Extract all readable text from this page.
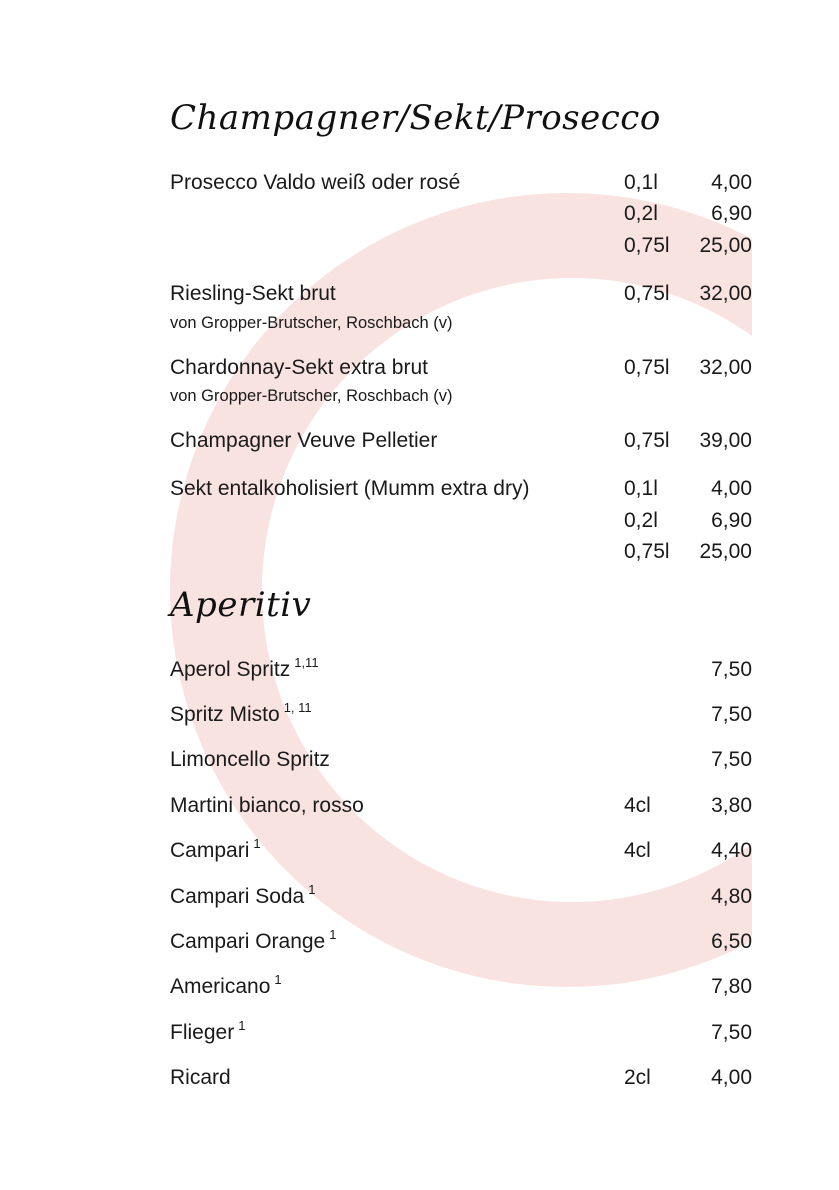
Champagner/Sekt/Prosecco
Prosecco Valdo weiß oder rosé	0,1l	4,00
0,2l	6,90
0,75l 25,00
Riesling-Sekt brut	0,75l 32,00
von Gropper-Brutscher, Roschbach (v)
Chardonnay-Sekt extra brut	0,75l 32,00
von Gropper-Brutscher, Roschbach (v)
Champagner Veuve Pelletier	0,75l 39,00
Sekt entalkoholisiert (Mumm extra dry)	0,1l	4,00
0,2l	6,90
0,75l 25,00
Aperitiv
Aperol Spritz $^{1,11}$	7,50
Spritz Misto $^{1, 11}$	7,50
Limoncello Spritz	7,50
Martini bianco, rosso	4cl	3,80
Campari $^1$	4cl	4,40
Campari Soda $^1$	4,80
Campari Orange $^1$	6,50
Americano $^1$	7,80
Flieger $^1$	7,50
Ricard	2cl	4,00
